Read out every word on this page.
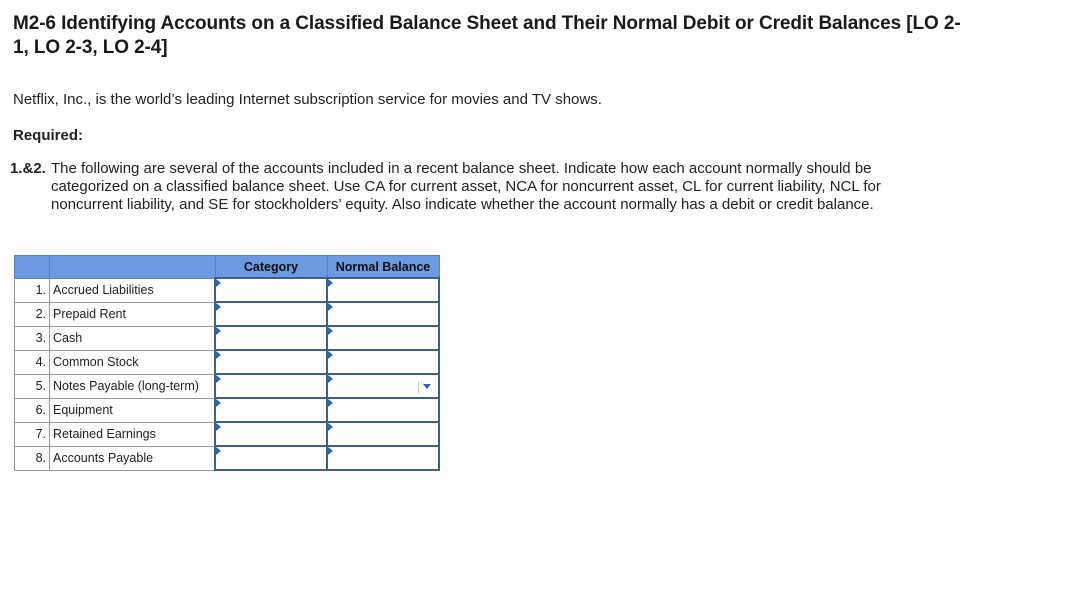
M2-6 Identifying Accounts on a Classified Balance Sheet and Their Normal Debit or Credit Balances [LO 2-1, LO 2-3, LO 2-4]
Netflix, Inc., is the world’s leading Internet subscription service for movies and TV shows.
Required:
1.&2. The following are several of the accounts included in a recent balance sheet. Indicate how each account normally should be
categorized on a classified balance sheet. Use CA for current asset, NCA for noncurrent asset, CL for current liability, NCL for
noncurrent liability, and SE for stockholders’ equity. Also indicate whether the account normally has a debit or credit balance.
		Category	Normal Balance
1.	Accrued Liabilities	

2.	Prepaid Rent	

3.	Cash	

4.	Common Stock	

5.	Notes Payable (long-term)	

6.	Equipment	

7.	Retained Earnings	

8.	Accounts Payable	
